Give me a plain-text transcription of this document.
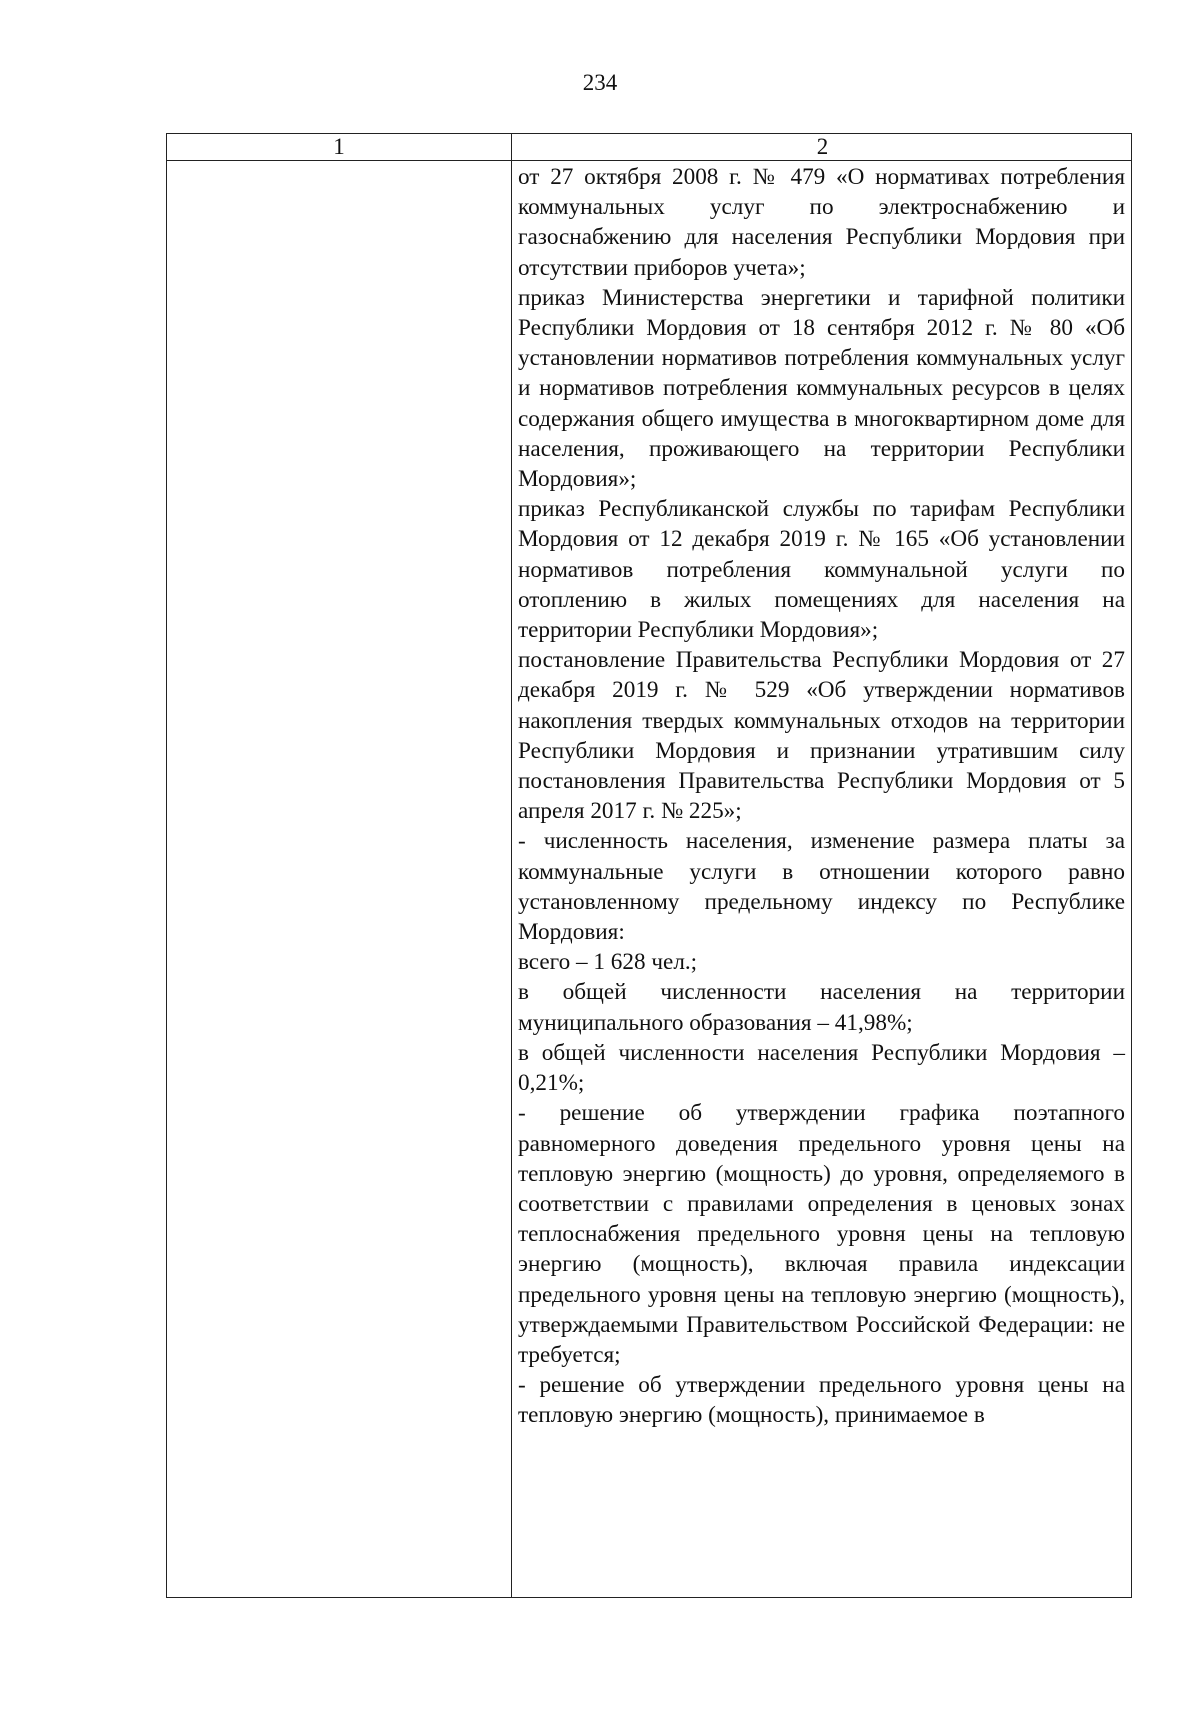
234
1	2

от 27 октября 2008 г. № 479 «О нормативах потребления коммунальных услуг по электроснабжению и газоснабжению для населения Республики Мордовия при отсутствии приборов учета»;

приказ Министерства энергетики и тарифной политики Республики Мордовия от 18 сентября 2012 г. № 80 «Об установлении нормативов потребления коммунальных услуг и нормативов потребления коммунальных ресурсов в целях содержания общего имущества в многоквартирном доме для населения, проживающего на территории Республики Мордовия»;

приказ Республиканской службы по тарифам Республики Мордовия от 12 декабря 2019 г. № 165 «Об установлении нормативов потребления коммунальной услуги по отоплению в жилых помещениях для населения на территории Республики Мордовия»;

постановление Правительства Республики Мордовия от 27 декабря 2019 г. № 529 «Об утверждении нормативов накопления твердых коммунальных отходов на территории Республики Мордовия и признании утратившим силу постановления Правительства Республики Мордовия от 5 апреля 2017 г. № 225»;

- численность населения, изменение размера платы за коммунальные услуги в отношении которого равно установленному предельному индексу по Республике Мордовия:

всего – 1 628 чел.;

в общей численности населения на территории муниципального образования – 41,98%;

в общей численности населения Республики Мордовия – 0,21%;

- решение об утверждении графика поэтапного равномерного доведения предельного уровня цены на тепловую энергию (мощность) до уровня, определяемого в соответствии с правилами определения в ценовых зонах теплоснабжения предельного уровня цены на тепловую энергию (мощность), включая правила индексации предельного уровня цены на тепловую энергию (мощность), утверждаемыми Правительством Российской Федерации: не требуется;

- решение об утверждении предельного уровня цены на тепловую энергию (мощность), принимаемое в
